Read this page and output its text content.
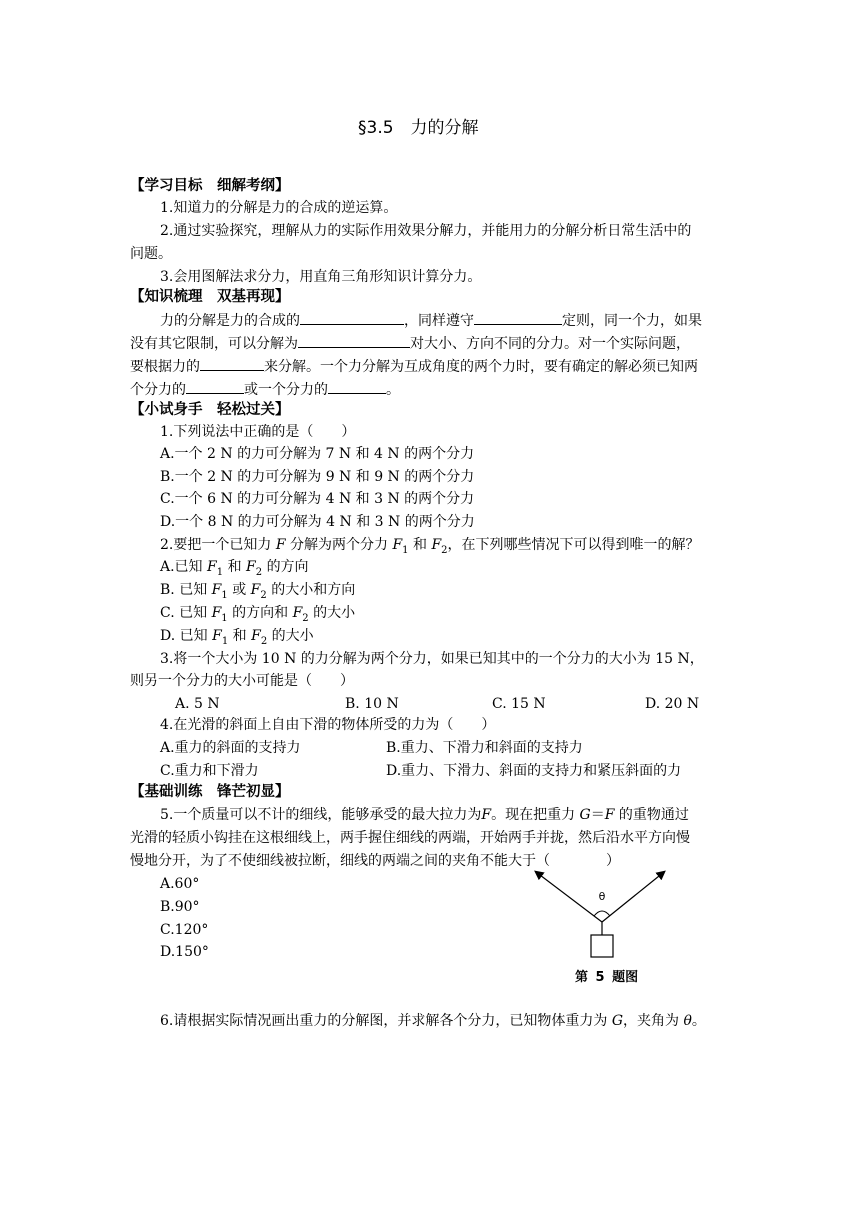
§3.5　力的分解
【学习目标　细解考纲】
1.知道力的分解是力的合成的逆运算。
2.通过实验探究，理解从力的实际作用效果分解力，并能用力的分解分析日常生活中的
问题。
3.会用图解法求分力，用直角三角形知识计算分力。
【知识梳理　双基再现】
力的分解是力的合成的	，同样遵守	定则，同一个力，如果
没有其它限制，可以分解为	对大小、方向不同的分力。对一个实际问题，
要根据力的	来分解。一个力分解为互成角度的两个力时，要有确定的解必须已知两
个分力的	或一个分力的	。
【小试身手　轻松过关】
1.下列说法中正确的是（　　）
A.一个 2 N 的力可分解为 7 N 和 4 N 的两个分力
B.一个 2 N 的力可分解为 9 N 和 9 N 的两个分力
C.一个 6 N 的力可分解为 4 N 和 3 N 的两个分力
D.一个 8 N 的力可分解为 4 N 和 3 N 的两个分力
2.要把一个已知力 F 分解为两个分力 $F_1$ 和 $F_2$，在下列哪些情况下可以得到唯一的解？
A.已知 $F_1$ 和 $F_2$ 的方向
B. 已知 $F_1$ 或 $F_2$ 的大小和方向
C. 已知 $F_1$ 的方向和 $F_2$ 的大小
D. 已知 $F_1$ 和 $F_2$ 的大小
3.将一个大小为 10 N 的力分解为两个分力，如果已知其中的一个分力的大小为 15 N，
则另一个分力的大小可能是（　　）
A. 5 N	B. 10 N	C. 15 N	D. 20 N
4.在光滑的斜面上自由下滑的物体所受的力为（　　）
A.重力的斜面的支持力	B.重力、下滑力和斜面的支持力
C.重力和下滑力	D.重力、下滑力、斜面的支持力和紧压斜面的力
【基础训练　锋芒初显】
5.一个质量可以不计的细线，能够承受的最大拉力为F。现在把重力 G＝F 的重物通过
光滑的轻质小钩挂在这根细线上，两手握住细线的两端，开始两手并拢，然后沿水平方向慢
慢地分开，为了不使细线被拉断，细线的两端之间的夹角不能大于（　　　　）
A.60°
B.90°
C.120°
D.150°
θ
第 5 题图
6.请根据实际情况画出重力的分解图，并求解各个分力，已知物体重力为 G，夹角为 θ。
